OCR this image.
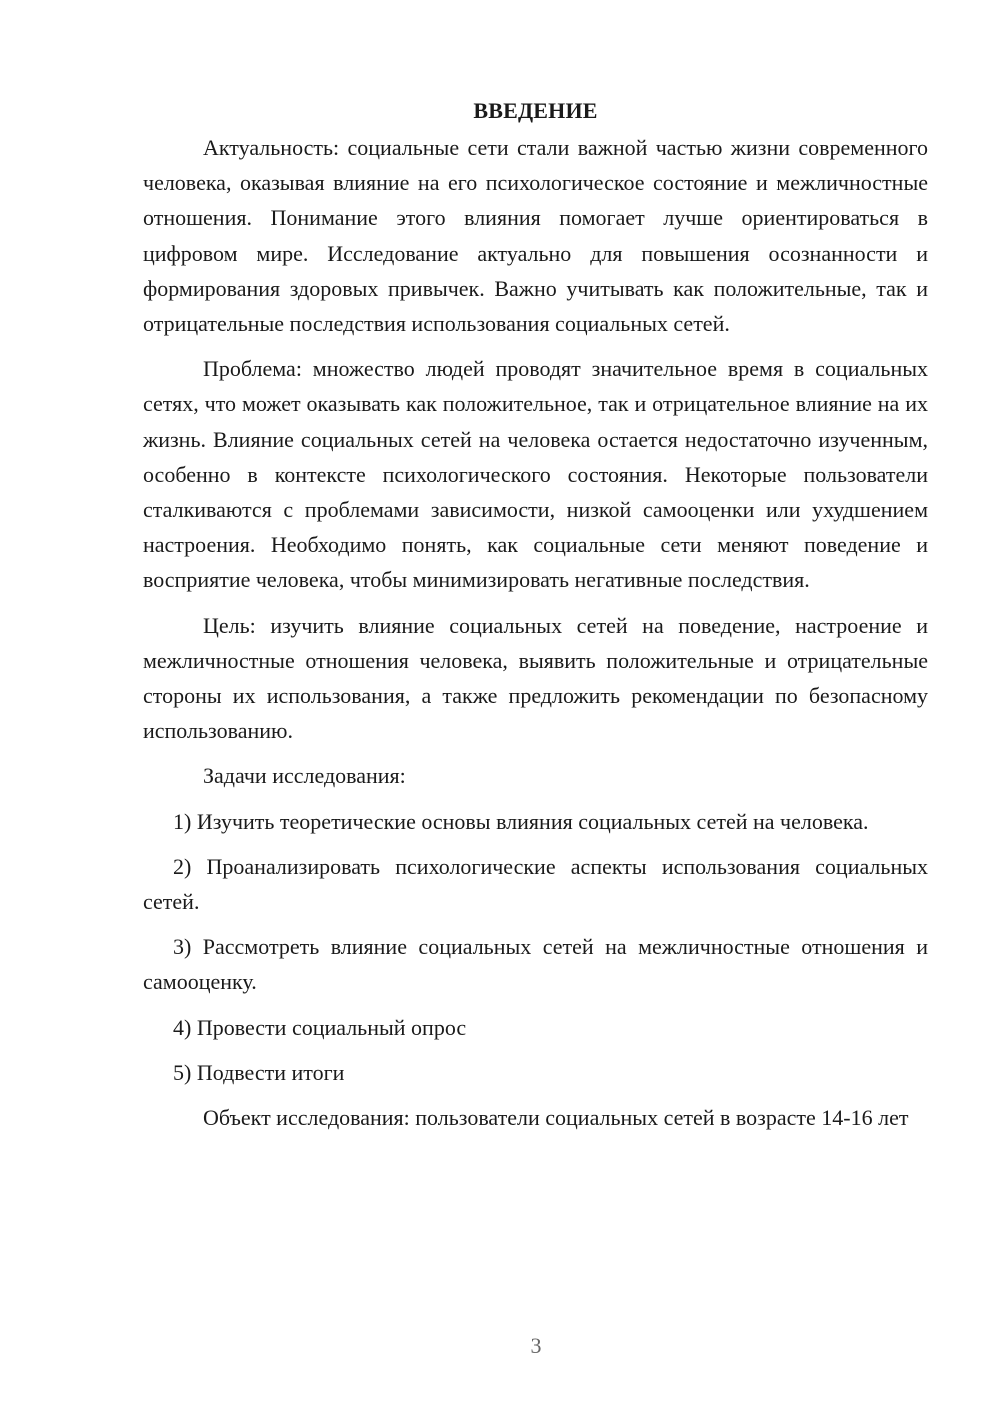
ВВЕДЕНИЕ

Актуальность: социальные сети стали важной частью жизни современного человека, оказывая влияние на его психологическое состояние и межличностные отношения. Понимание этого влияния помогает лучше ориентироваться в цифровом мире. Исследование актуально для повышения осознанности и формирования здоровых привычек. Важно учитывать как положительные, так и отрицательные последствия использования социальных сетей.

Проблема: множество людей проводят значительное время в социальных сетях, что может оказывать как положительное, так и отрицательное влияние на их жизнь. Влияние социальных сетей на человека остается недостаточно изученным, особенно в контексте психологического состояния. Некоторые пользователи сталкиваются с проблемами зависимости, низкой самооценки или ухудшением настроения. Необходимо понять, как социальные сети меняют поведение и восприятие человека, чтобы минимизировать негативные последствия.

Цель: изучить влияние социальных сетей на поведение, настроение и межличностные отношения человека, выявить положительные и отрицательные стороны их использования, а также предложить рекомендации по безопасному использованию.

Задачи исследования:

1) Изучить теоретические основы влияния социальных сетей на человека.

2) Проанализировать психологические аспекты использования социальных сетей.

3) Рассмотреть влияние социальных сетей на межличностные отношения и самооценку.

4) Провести социальный опрос

5) Подвести итоги

Объект исследования: пользователи социальных сетей в возрасте 14-16 лет

3
